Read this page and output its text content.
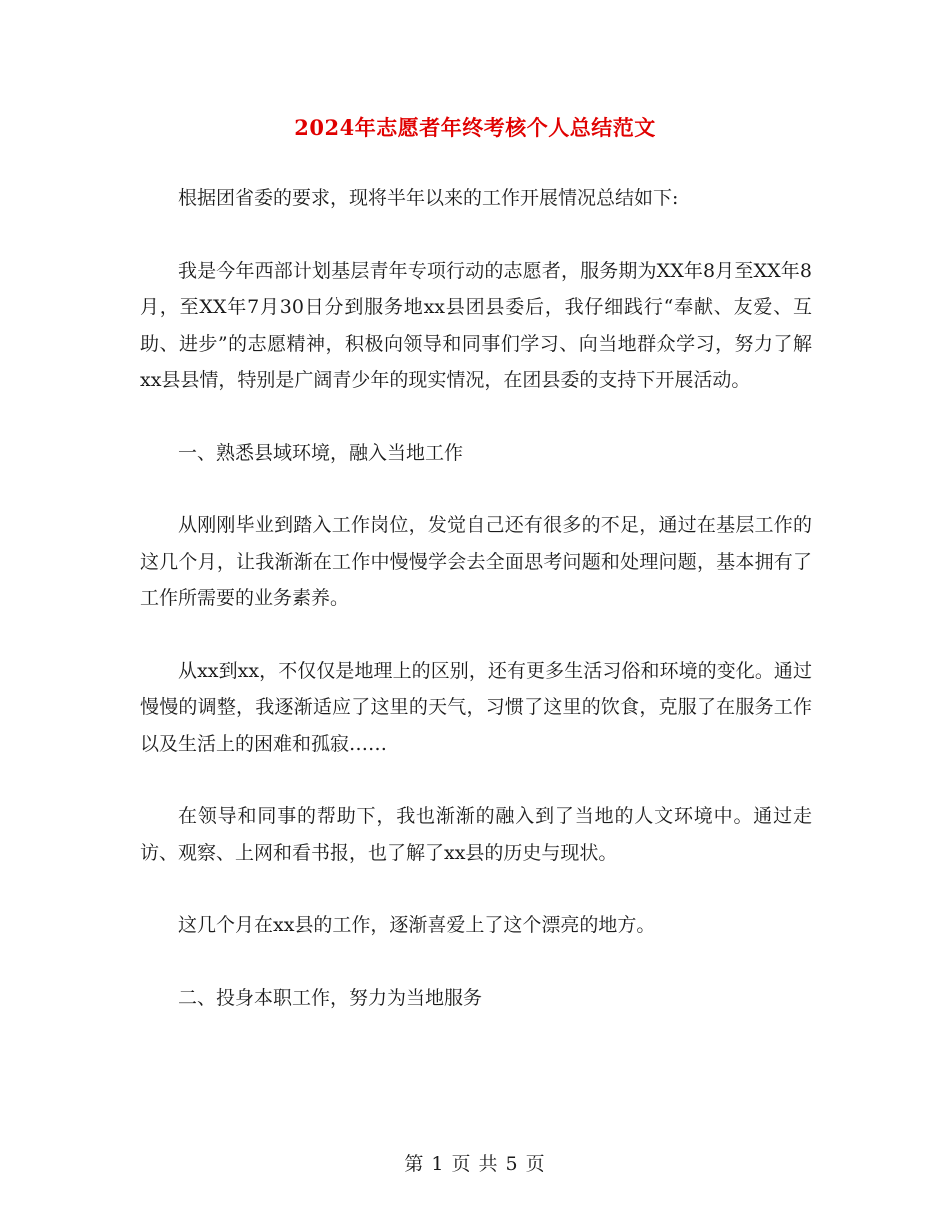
2024年志愿者年终考核个人总结范文

根据团省委的要求，现将半年以来的工作开展情况总结如下:

我是今年西部计划基层青年专项行动的志愿者，服务期为XX年8月至XX年8月，至XX年7月30日分到服务地xx县团县委后，我仔细践行“奉献、友爱、互助、进步”的志愿精神，积极向领导和同事们学习、向当地群众学习，努力了解xx县县情，特别是广阔青少年的现实情况，在团县委的支持下开展活动。

一、熟悉县域环境，融入当地工作

从刚刚毕业到踏入工作岗位，发觉自己还有很多的不足，通过在基层工作的这几个月，让我渐渐在工作中慢慢学会去全面思考问题和处理问题，基本拥有了工作所需要的业务素养。

从xx到xx，不仅仅是地理上的区别，还有更多生活习俗和环境的变化。通过慢慢的调整，我逐渐适应了这里的天气，习惯了这里的饮食，克服了在服务工作以及生活上的困难和孤寂……

在领导和同事的帮助下，我也渐渐的融入到了当地的人文环境中。通过走访、观察、上网和看书报，也了解了xx县的历史与现状。

这几个月在xx县的工作，逐渐喜爱上了这个漂亮的地方。

二、投身本职工作，努力为当地服务

第 1 页 共 5 页
